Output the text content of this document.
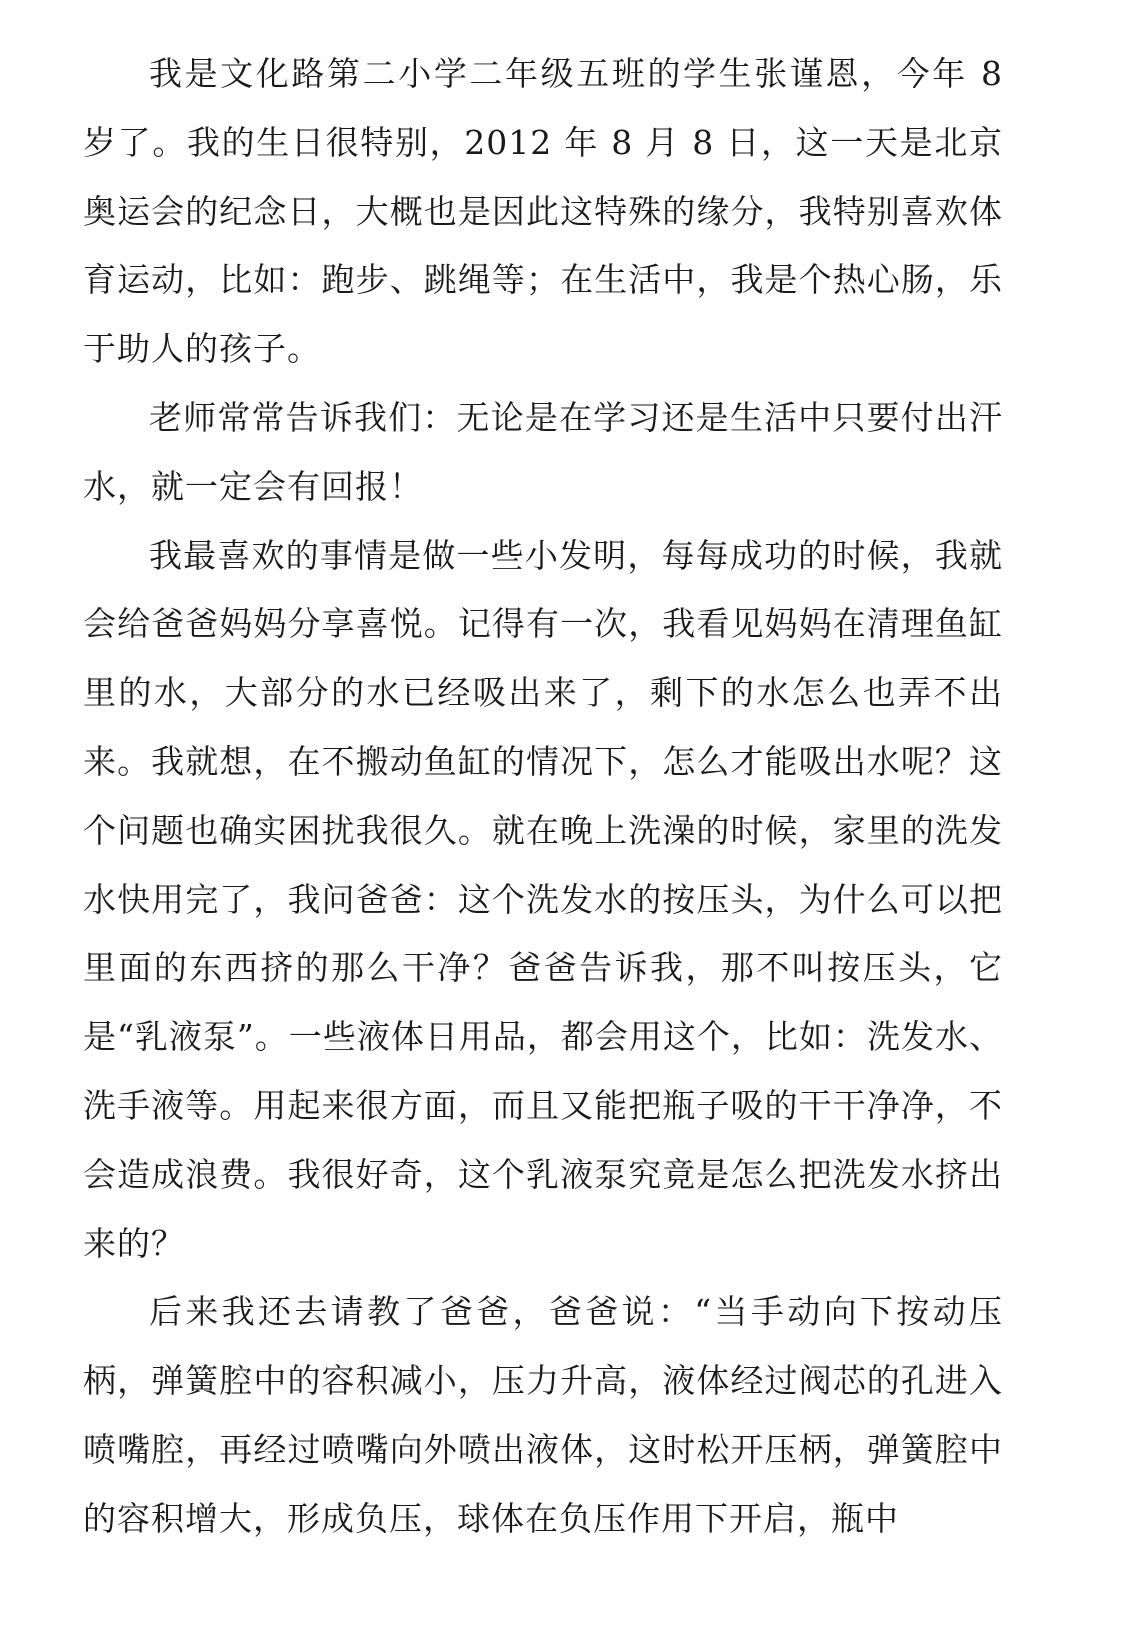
我是文化路第二小学二年级五班的学生张谨恩，今年 8 岁了。我的生日很特别，2012 年 8 月 8 日，这一天是北京奥运会的纪念日，大概也是因此这特殊的缘分，我特别喜欢体育运动，比如：跑步、跳绳等；在生活中，我是个热心肠，乐于助人的孩子。

老师常常告诉我们：无论是在学习还是生活中只要付出汗水，就一定会有回报！

我最喜欢的事情是做一些小发明，每每成功的时候，我就会给爸爸妈妈分享喜悦。记得有一次，我看见妈妈在清理鱼缸里的水，大部分的水已经吸出来了，剩下的水怎么也弄不出来。我就想，在不搬动鱼缸的情况下，怎么才能吸出水呢？这个问题也确实困扰我很久。就在晚上洗澡的时候，家里的洗发水快用完了，我问爸爸：这个洗发水的按压头，为什么可以把里面的东西挤的那么干净？爸爸告诉我，那不叫按压头，它是“乳液泵”。一些液体日用品，都会用这个，比如：洗发水、洗手液等。用起来很方面，而且又能把瓶子吸的干干净净，不会造成浪费。我很好奇，这个乳液泵究竟是怎么把洗发水挤出来的？

后来我还去请教了爸爸，爸爸说：“当手动向下按动压柄，弹簧腔中的容积减小，压力升高，液体经过阀芯的孔进入喷嘴腔，再经过喷嘴向外喷出液体，这时松开压柄，弹簧腔中的容积增大，形成负压，球体在负压作用下开启，瓶中
